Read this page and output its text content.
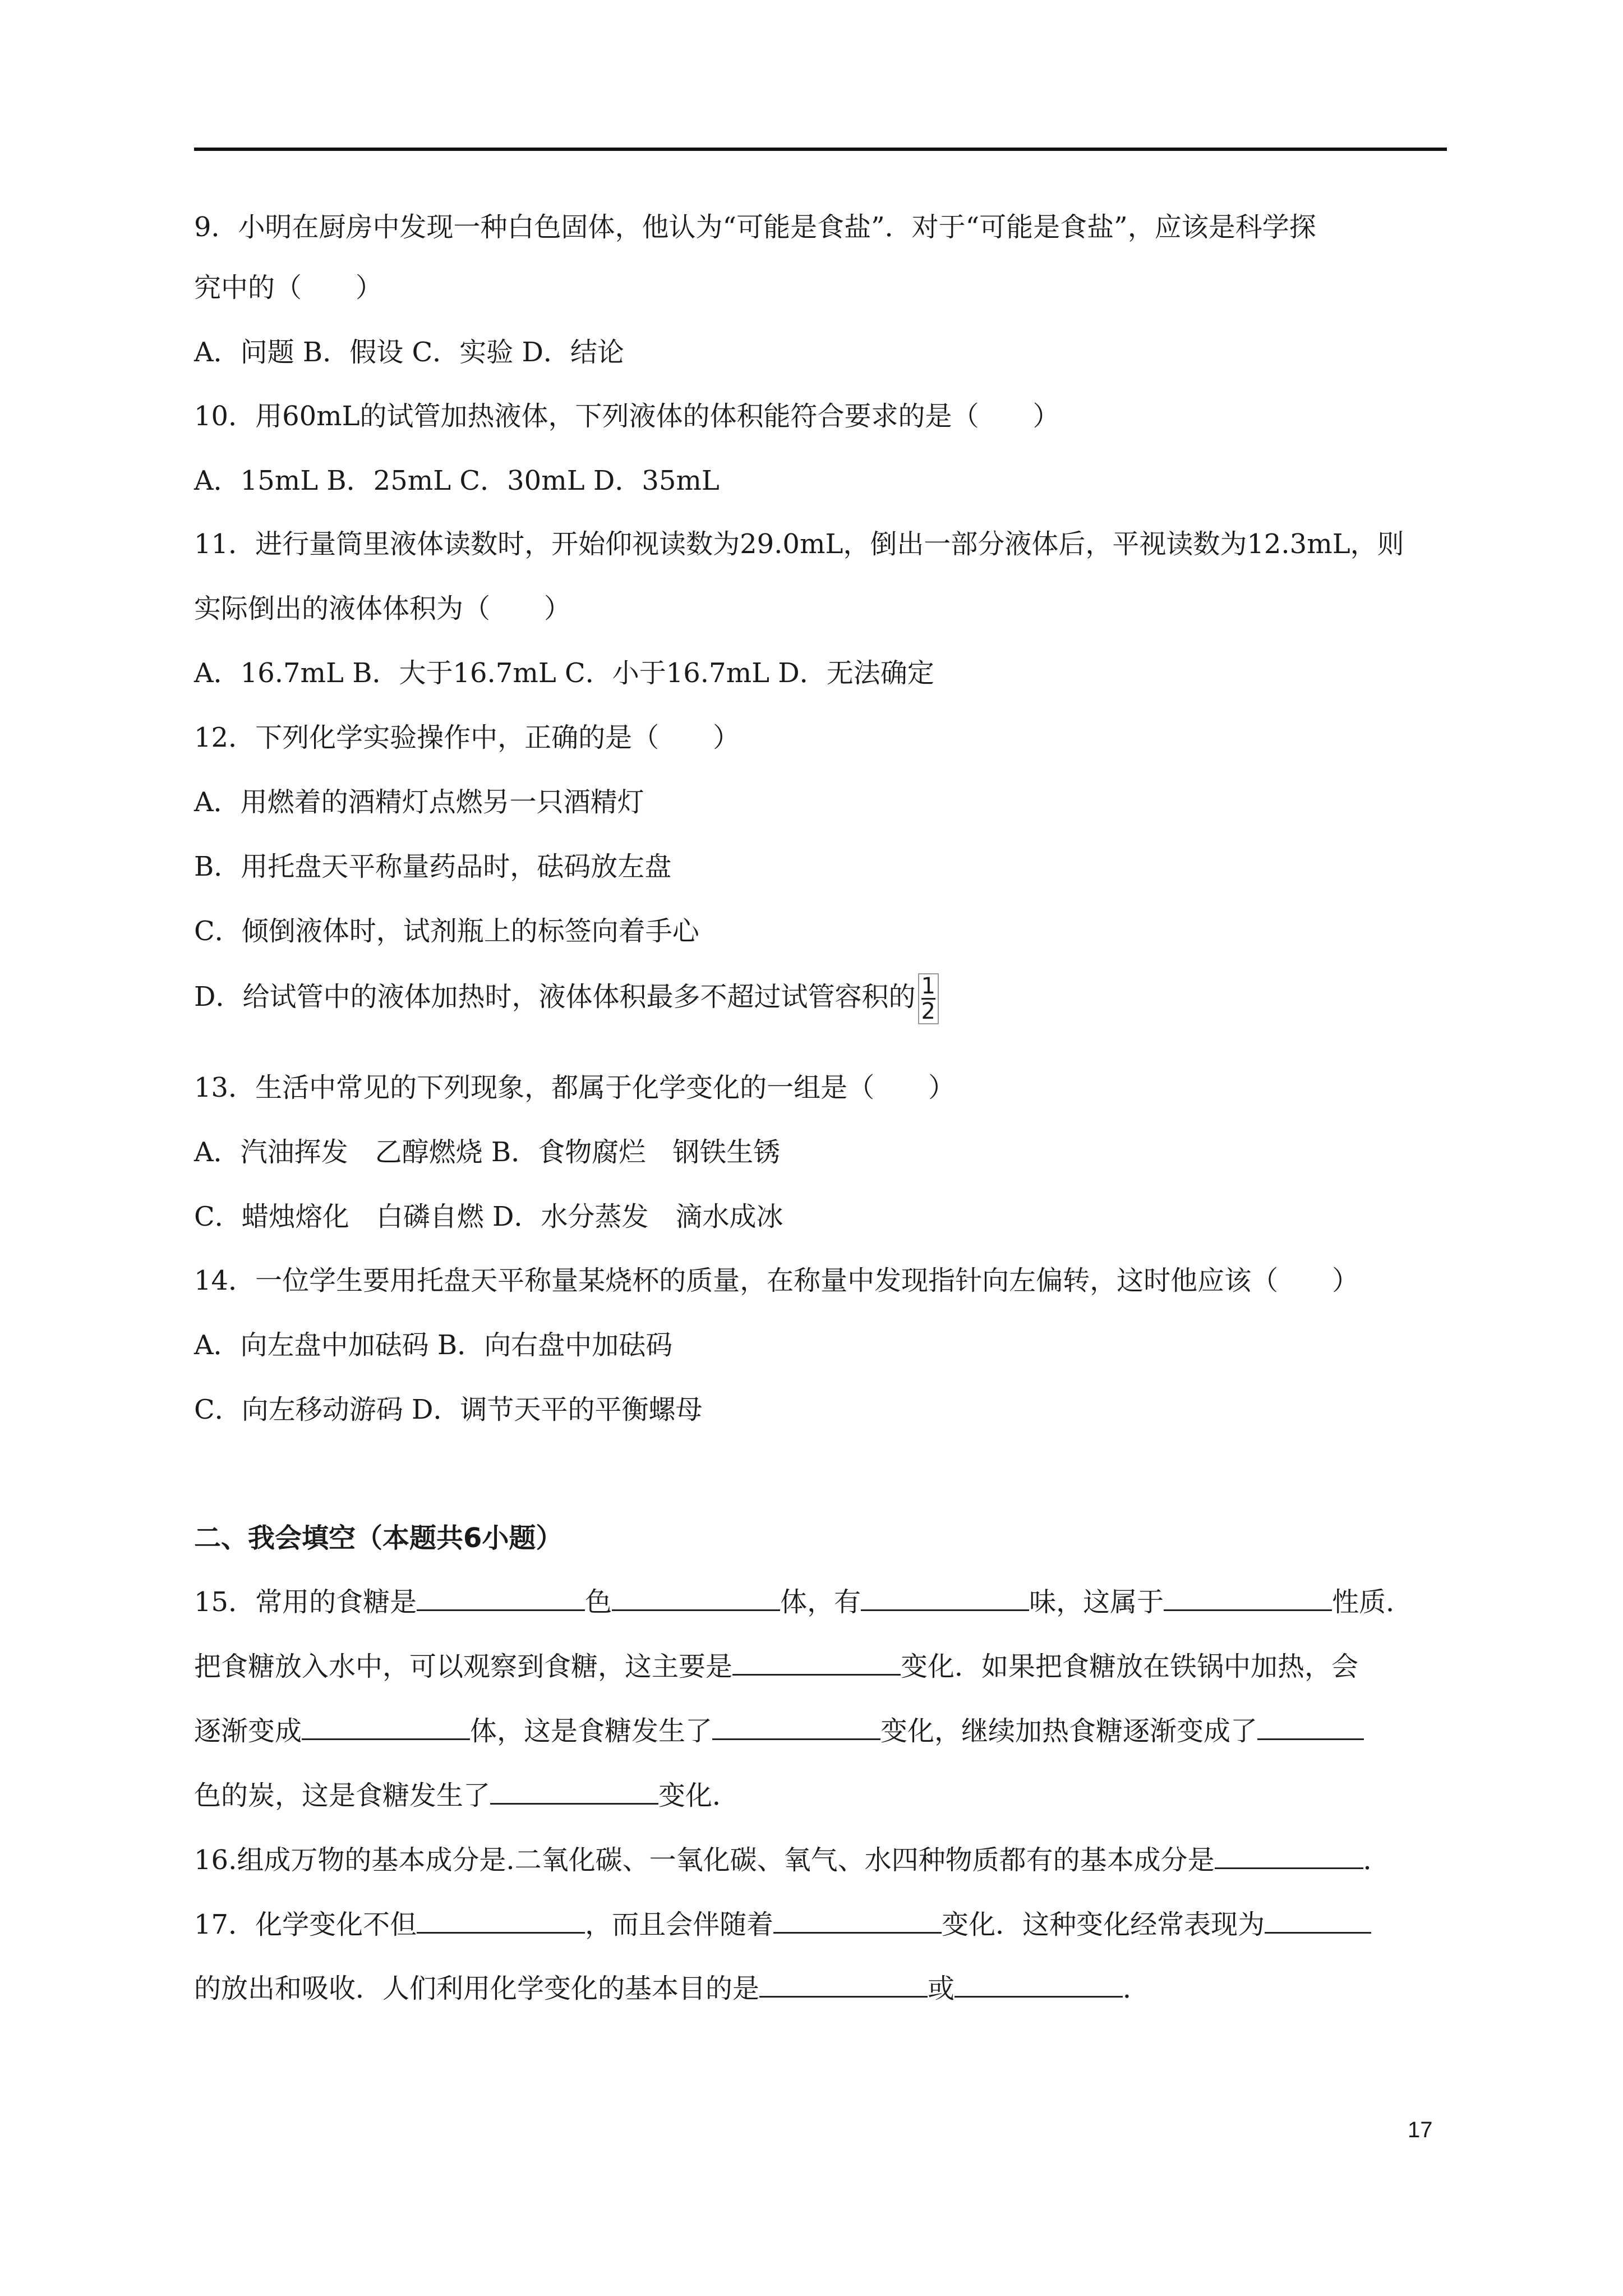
9．小明在厨房中发现一种白色固体，他认为“可能是食盐”．对于“可能是食盐”，应该是科学探

究中的（　　）

A．问题 B．假设 C．实验 D．结论

10．用60mL的试管加热液体，下列液体的体积能符合要求的是（　　）

A．15mL B．25mL C．30mL D．35mL

11．进行量筒里液体读数时，开始仰视读数为29.0mL，倒出一部分液体后，平视读数为12.3mL，则

实际倒出的液体体积为（　　）

A．16.7mL B．大于16.7mL C．小于16.7mL D．无法确定

12．下列化学实验操作中，正确的是（　　）

A．用燃着的酒精灯点燃另一只酒精灯

B．用托盘天平称量药品时，砝码放左盘

C．倾倒液体时，试剂瓶上的标签向着手心

D．给试管中的液体加热时，液体体积最多不超过试管容积的 $\frac{1}{2}$

13．生活中常见的下列现象，都属于化学变化的一组是（　　）

A．汽油挥发　乙醇燃烧 B．食物腐烂　钢铁生锈

C．蜡烛熔化　白磷自燃 D．水分蒸发　滴水成冰

14．一位学生要用托盘天平称量某烧杯的质量，在称量中发现指针向左偏转，这时他应该（　　）

A．向左盘中加砝码 B．向右盘中加砝码

C．向左移动游码 D．调节天平的平衡螺母

二、我会填空（本题共6小题）

15．常用的食糖是	色	体，有	味，这属于	性质．

把食糖放入水中，可以观察到食糖，这主要是	变化．如果把食糖放在铁锅中加热，会

逐渐变成	体，这是食糖发生了	变化，继续加热食糖逐渐变成了

色的炭，这是食糖发生了	变化．

16.组成万物的基本成分是.二氧化碳、一氧化碳、氧气、水四种物质都有的基本成分是	．

17．化学变化不但	，而且会伴随着	变化．这种变化经常表现为

的放出和吸收．人们利用化学变化的基本目的是	或	．

17
